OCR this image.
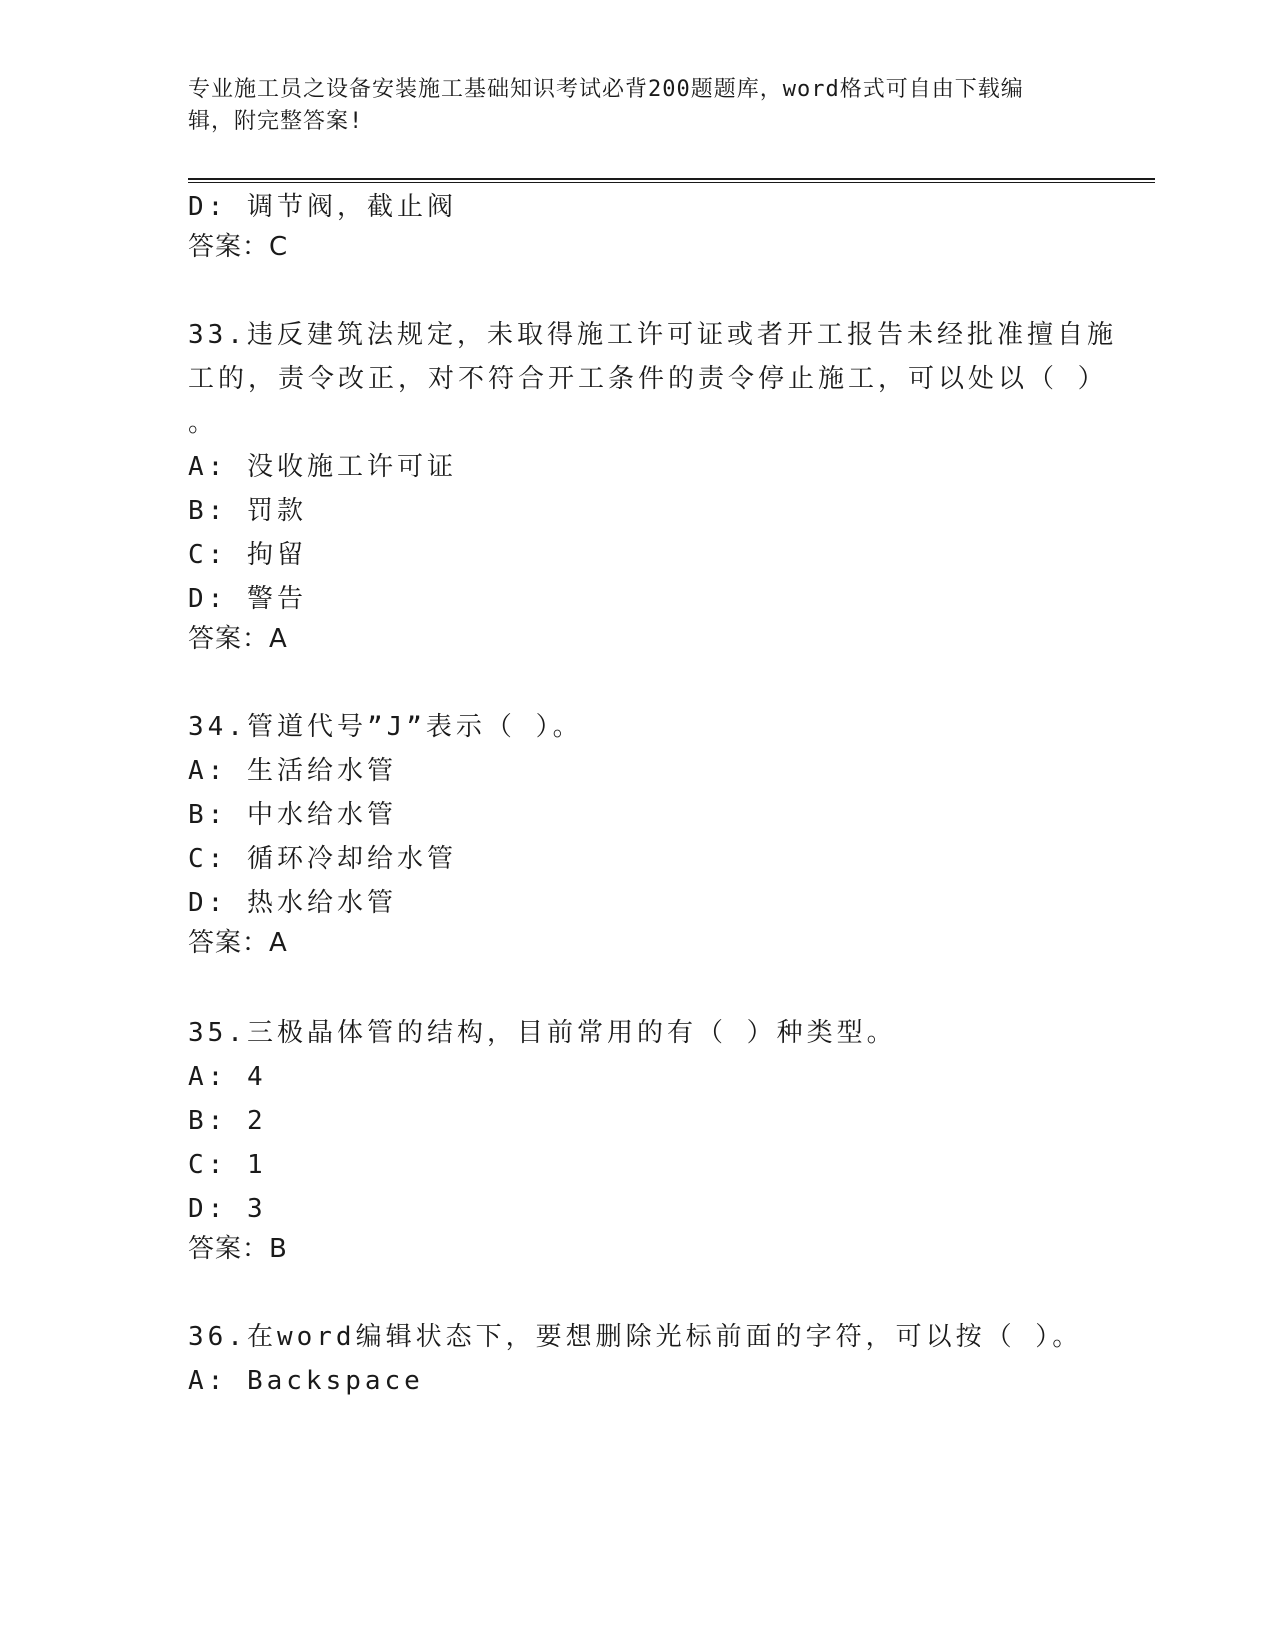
专业施工员之设备安装施工基础知识考试必背200题题库，word格式可自由下载编辑，附完整答案!
D: 调节阀，截止阀
答案：C
33.违反建筑法规定，未取得施工许可证或者开工报告未经批准擅自施
工的，责令改正，对不符合开工条件的责令停止施工，可以处以（ ）
。
A: 没收施工许可证
B: 罚款
C: 拘留
D: 警告
答案：A
34.管道代号”J”表示（ ）。
A: 生活给水管
B: 中水给水管
C: 循环冷却给水管
D: 热水给水管
答案：A
35.三极晶体管的结构，目前常用的有（ ）种类型。
A: 4
B: 2
C: 1
D: 3
答案：B
36.在word编辑状态下，要想删除光标前面的字符，可以按（ ）。
A: Backspace
